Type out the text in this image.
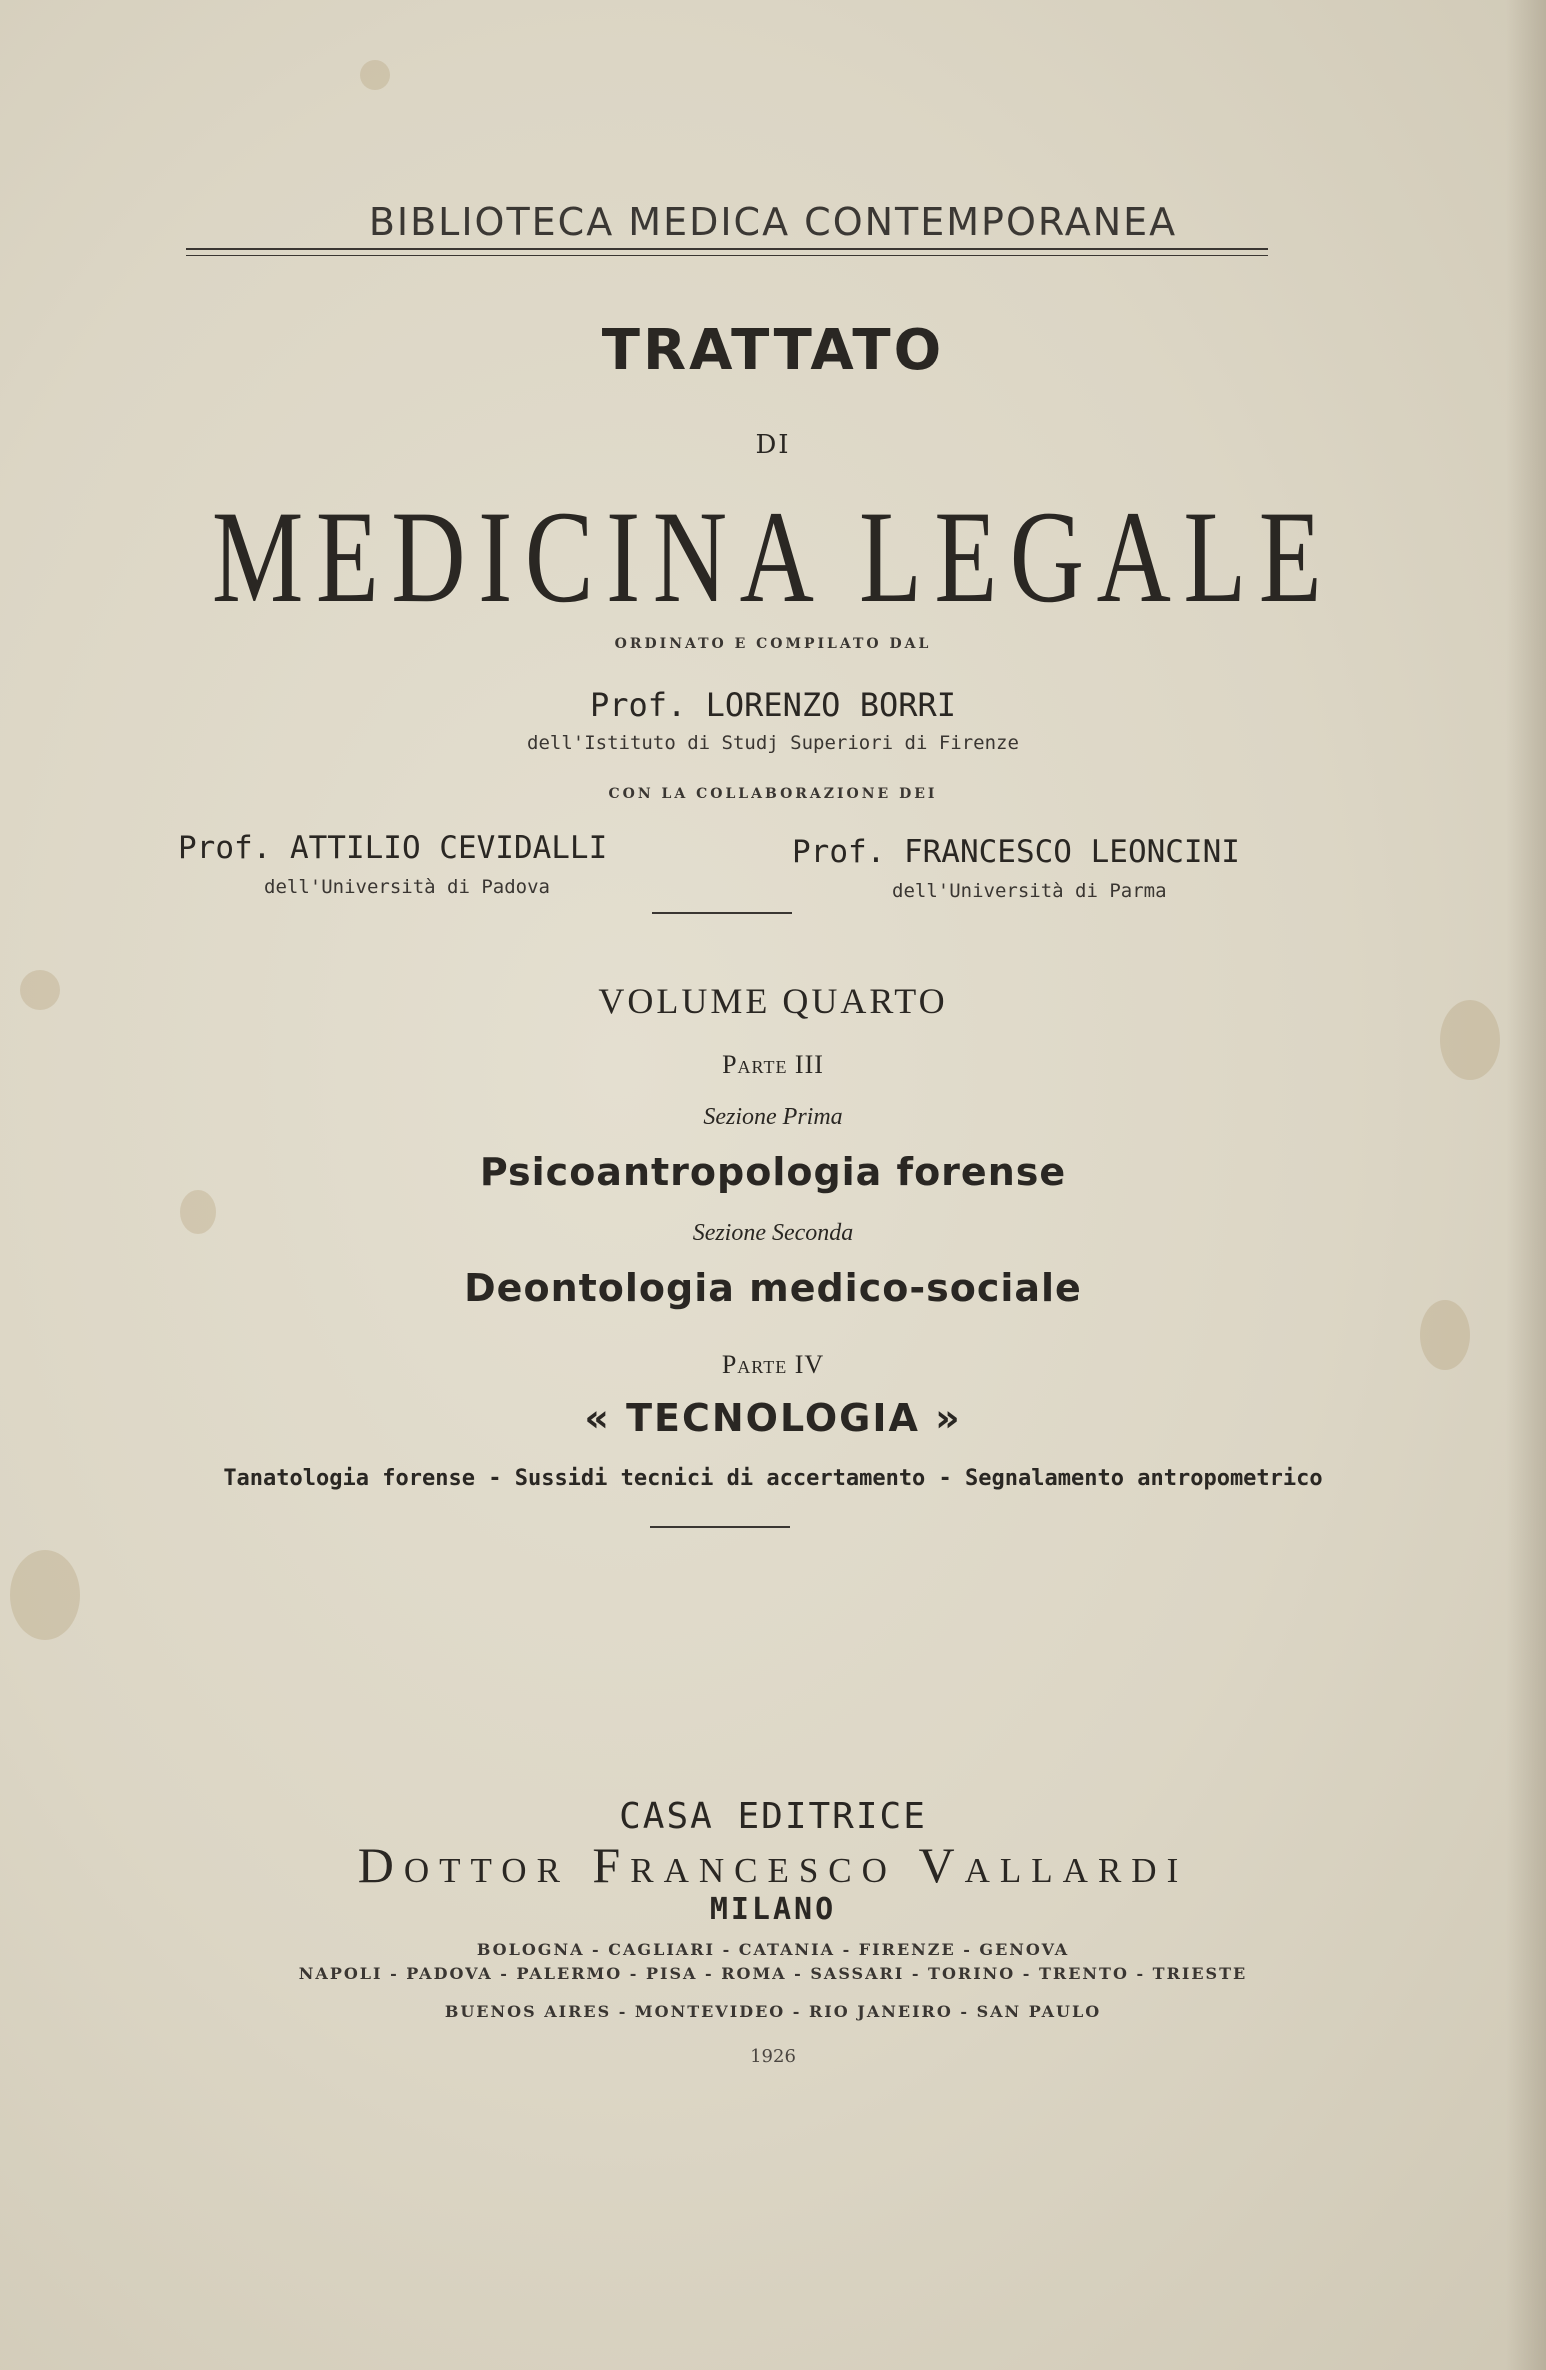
BIBLIOTECA MEDICA CONTEMPORANEA
TRATTATO
DI
MEDICINA LEGALE
ORDINATO E COMPILATO DAL
Prof. LORENZO BORRI
dell'Istituto di Studj Superiori di Firenze
CON LA COLLABORAZIONE DEI
Prof. ATTILIO CEVIDALLI
dell'Università di Padova
Prof. FRANCESCO LEONCINI
dell'Università di Parma
VOLUME QUARTO
Parte III
Sezione Prima
Psicoantropologia forense
Sezione Seconda
Deontologia medico-sociale
Parte IV
« TECNOLOGIA »
Tanatologia forense - Sussidi tecnici di accertamento - Segnalamento antropometrico
CASA EDITRICE
Dottor Francesco Vallardi
MILANO
BOLOGNA - CAGLIARI - CATANIA - FIRENZE - GENOVA
NAPOLI - PADOVA - PALERMO - PISA - ROMA - SASSARI - TORINO - TRENTO - TRIESTE
BUENOS AIRES - MONTEVIDEO - RIO JANEIRO - SAN PAULO
1926
